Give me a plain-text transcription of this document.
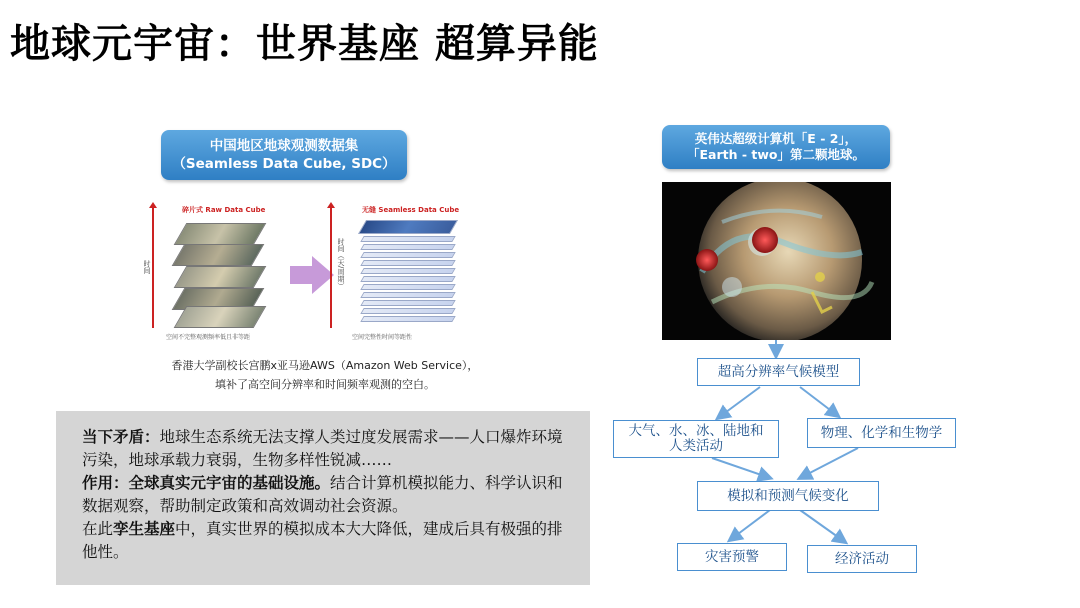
地球元宇宙：世界基座 超算异能
中国地区地球观测数据集
（Seamless Data Cube, SDC）
时间
碎片式 Raw Data Cube
空间不完整观测频率低且非等距
时间（天/周期）
无缝 Seamless Data Cube
空间完整性时间等距性
香港大学副校长宫鹏x亚马逊AWS（Amazon Web Service），
填补了高空间分辨率和时间频率观测的空白。
当下矛盾：地球生态系统无法支撑人类过度发展需求——人口爆炸环境污染，地球承载力衰弱，生物多样性锐减……
作用：全球真实元宇宙的基础设施。结合计算机模拟能力、科学认识和数据观察，帮助制定政策和高效调动社会资源。
在此孪生基座中，真实世界的模拟成本大大降低，建成后具有极强的排他性。
英伟达超级计算机「E - 2」，
「Earth - two」第二颗地球。
超高分辨率气候模型
大气、水、冰、陆地和
人类活动
物理、化学和生物学
模拟和预测气候变化
灾害预警	经济活动
